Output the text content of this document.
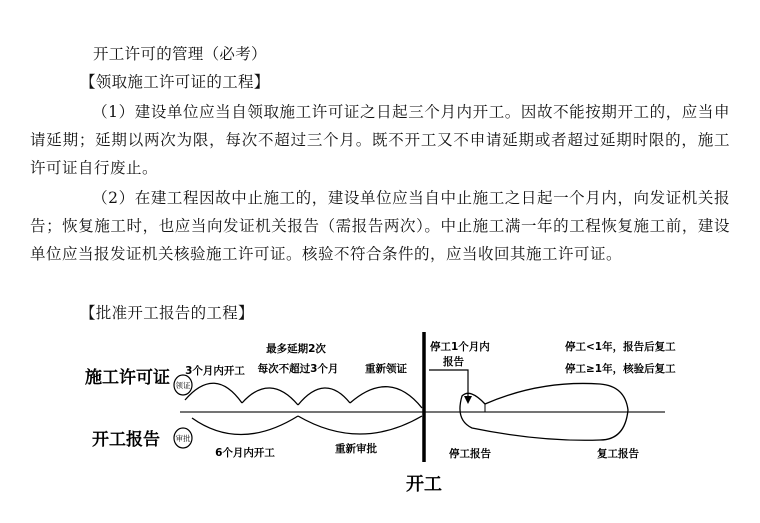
开工许可的管理（必考）
【领取施工许可证的工程】
（1）建设单位应当自领取施工许可证之日起三个月内开工。因故不能按期开工的，应当申请延期；延期以两次为限，每次不超过三个月。既不开工又不申请延期或者超过延期时限的，施工许可证自行废止。
（2）在建工程因故中止施工的，建设单位应当自中止施工之日起一个月内，向发证机关报告；恢复施工时，也应当向发证机关报告（需报告两次）。中止施工满一年的工程恢复施工前，建设单位应当报发证机关核验施工许可证。核验不符合条件的，应当收回其施工许可证。
【批准开工报告的工程】
领证
审批
施工许可证
开工报告
3个月内开工
最多延期2次
每次不超过3个月	重新领证
6个月内开工	重新审批
开工
停工1个月内
报告
停工<1年，报告后复工
停工≥1年，核验后复工
停工报告	复工报告
